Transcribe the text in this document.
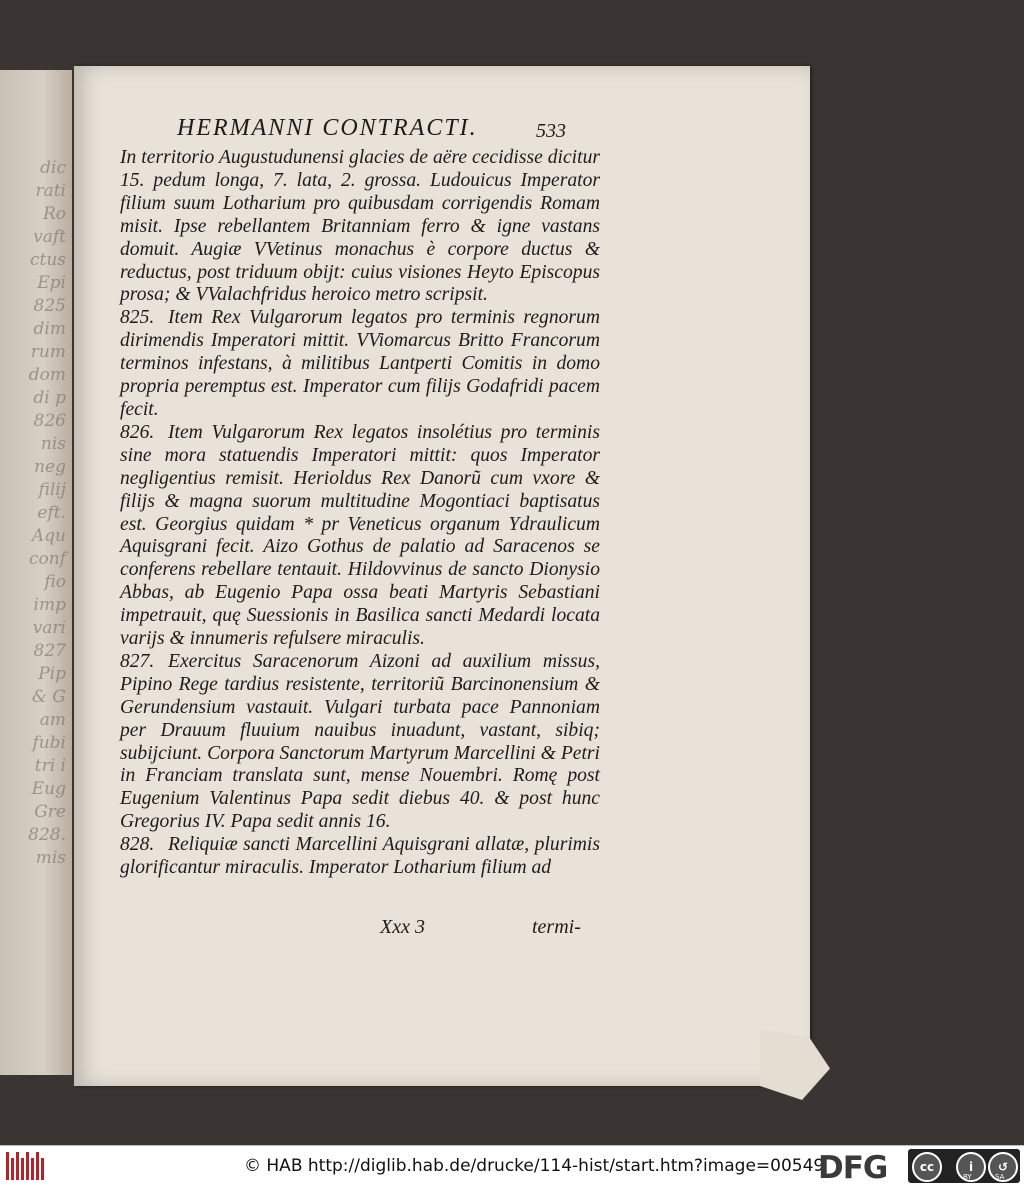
dic
rati
Ro
vaft
ctus
Epi
825
dim
rum
dom
di p
826
nis
neg
filij
eft.
Aqu
conf
fio
imp
vari
827
Pip
& G
am
fubi
tri i
Eug
Gre
828.
mis
HERMANNI CONTRACTI.	533

In territorio Augustudunensi glacies de aëre cecidisse dicitur 15. pedum longa, 7. lata, 2. grossa. Ludouicus Imperator filium suum Lotharium pro quibusdam corrigendis Romam misit. Ipse rebellantem Britanniam ferro & igne vastans domuit. Augiæ VVetinus monachus è corpore ductus & reductus, post triduum obijt: cuius visiones Heyto Episcopus prosa; & VValachfridus heroico metro scripsit.

825. Item Rex Vulgarorum legatos pro terminis regnorum dirimendis Imperatori mittit. VViomarcus Britto Francorum terminos infestans, à militibus Lantperti Comitis in domo propria peremptus est. Imperator cum filijs Godafridi pacem fecit.

826. Item Vulgarorum Rex legatos insolétius pro terminis sine mora statuendis Imperatori mittit: quos Imperator negligentius remisit. Herioldus Rex Danorũ cum vxore & filijs & magna suorum multitudine Mogontiaci baptisatus est. Georgius quidam * pr Veneticus organum Ydraulicum Aquisgrani fecit. Aizo Gothus de palatio ad Saracenos se conferens rebellare tentauit. Hildovvinus de sancto Dionysio Abbas, ab Eugenio Papa ossa beati Martyris Sebastiani impetrauit, quę Suessionis in Basilica sancti Medardi locata varijs & innumeris refulsere miraculis.

827. Exercitus Saracenorum Aizoni ad auxilium missus, Pipino Rege tardius resistente, territoriũ Barcinonensium & Gerundensium vastauit. Vulgari turbata pace Pannoniam per Drauum fluuium nauibus inuadunt, vastant, sibiq; subijciunt. Corpora Sanctorum Martyrum Marcellini & Petri in Franciam translata sunt, mense Nouembri. Romę post Eugenium Valentinus Papa sedit diebus 40. & post hunc Gregorius IV. Papa sedit annis 16.

828. Reliquiæ sancti Marcellini Aquisgrani allatæ, plurimis glorificantur miraculis. Imperator Lotharium filium ad

Xxx 3	termi-
© HAB http://diglib.hab.de/drucke/114-hist/start.htm?image=00549
DFG	cc	i	↺
BY	SA
